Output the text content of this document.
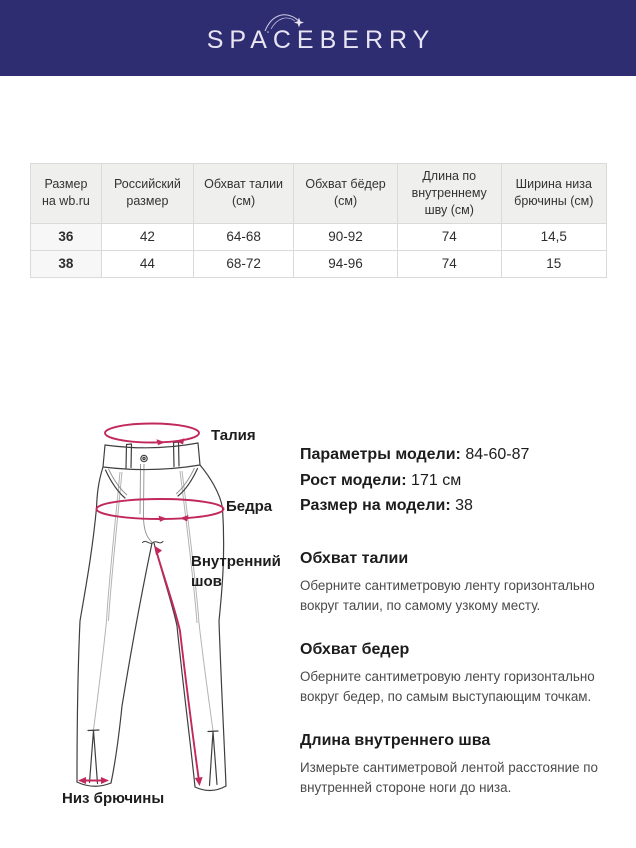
SPACEBERRY
Размер на wb.ru	Российский размер	Обхват талии (см)	Обхват бёдер (см)	Длина по внутреннему шву (см)	Ширина низа брючины (см)
36	42	64-68	90-92	74	14,5
38	44	68-72	94-96	74	15
Талия
Бедра
Внутренний шов
Низ брючины
Параметры модели: 84-60-87
Рост модели: 171 см
Размер на модели: 38
Обхват талии
Оберните сантиметровую ленту горизонтально вокруг талии, по самому узкому месту.
Обхват бедер
Оберните сантиметровую ленту горизонтально вокруг бедер, по самым выступающим точкам.
Длина внутреннего шва
Измерьте сантиметровой лентой расстояние по внутренней стороне ноги до низа.
